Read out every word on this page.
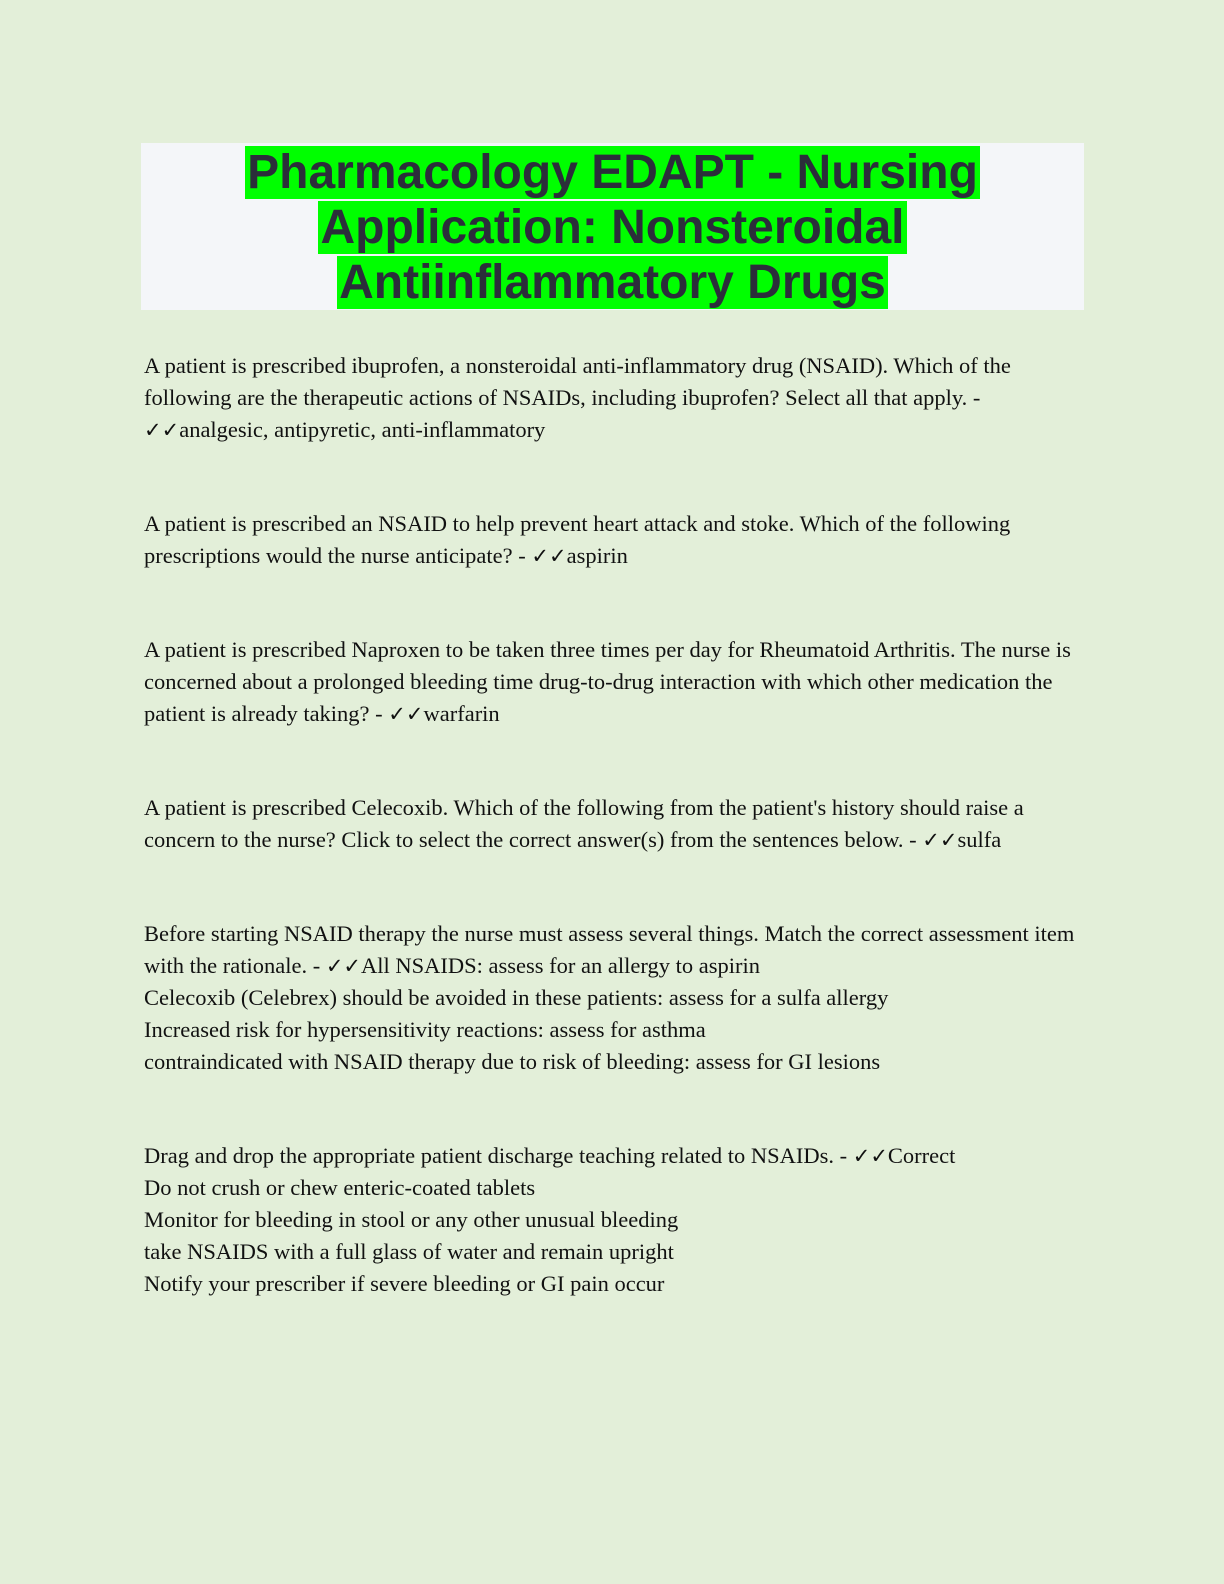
Pharmacology EDAPT - Nursing
Application: Nonsteroidal
Antiinflammatory Drugs

A patient is prescribed ibuprofen, a nonsteroidal anti-inflammatory drug (NSAID). Which of the following are the therapeutic actions of NSAIDs, including ibuprofen? Select all that apply. - ✓✓analgesic, antipyretic, anti-inflammatory

A patient is prescribed an NSAID to help prevent heart attack and stoke. Which of the following prescriptions would the nurse anticipate? - ✓✓aspirin

A patient is prescribed Naproxen to be taken three times per day for Rheumatoid Arthritis. The nurse is concerned about a prolonged bleeding time drug-to-drug interaction with which other medication the patient is already taking? - ✓✓warfarin

A patient is prescribed Celecoxib. Which of the following from the patient's history should raise a concern to the nurse? Click to select the correct answer(s) from the sentences below. - ✓✓sulfa

Before starting NSAID therapy the nurse must assess several things. Match the correct assessment item with the rationale. - ✓✓All NSAIDS: assess for an allergy to aspirin

Celecoxib (Celebrex) should be avoided in these patients: assess for a sulfa allergy

Increased risk for hypersensitivity reactions: assess for asthma

contraindicated with NSAID therapy due to risk of bleeding: assess for GI lesions

Drag and drop the appropriate patient discharge teaching related to NSAIDs. - ✓✓Correct

Do not crush or chew enteric-coated tablets

Monitor for bleeding in stool or any other unusual bleeding

take NSAIDS with a full glass of water and remain upright

Notify your prescriber if severe bleeding or GI pain occur
